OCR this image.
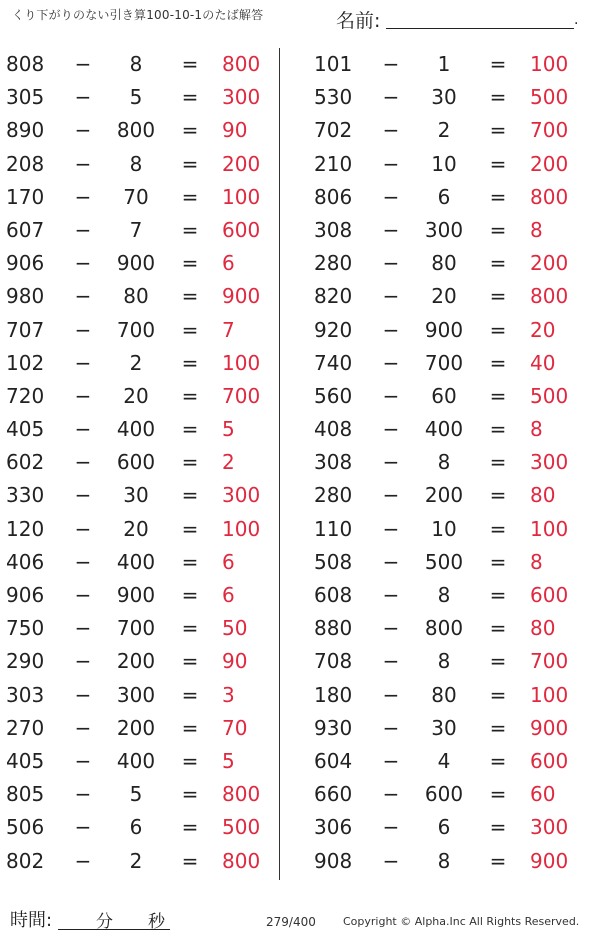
くり下がりのない引き算100-10-1のたば解答	名前:	.
808	−	8	= 800
305	−	5	= 300
890	−	800	= 90
208	−	8	= 200
170	−	70	= 100
607	−	7	= 600
906	−	900	= 6
980	−	80	= 900
707	−	700	= 7
102	−	2	= 100
720	−	20	= 700
405	−	400	= 5
602	−	600	= 2
330	−	30	= 300
120	−	20	= 100
406	−	400	= 6
906	−	900	= 6
750	−	700	= 50
290	−	200	= 90
303	−	300	= 3
270	−	200	= 70
405	−	400	= 5
805	−	5	= 800
506	−	6	= 500
802	−	2	= 800
101	−	1	= 100
530	−	30	= 500
702	−	2	= 700
210	−	10	= 200
806	−	6	= 800
308	−	300	= 8
280	−	80	= 200
820	−	20	= 800
920	−	900	= 20
740	−	700	= 40
560	−	60	= 500
408	−	400	= 8
308	−	8	= 300
280	−	200	= 80
110	−	10	= 100
508	−	500	= 8
608	−	8	= 600
880	−	800	= 80
708	−	8	= 700
180	−	80	= 100
930	−	30	= 900
604	−	4	= 600
660	−	600	= 60
306	−	6	= 300
908	−	8	= 900
時間:	分 秒	279/400 Copyright © Alpha.Inc All Rights Reserved.
